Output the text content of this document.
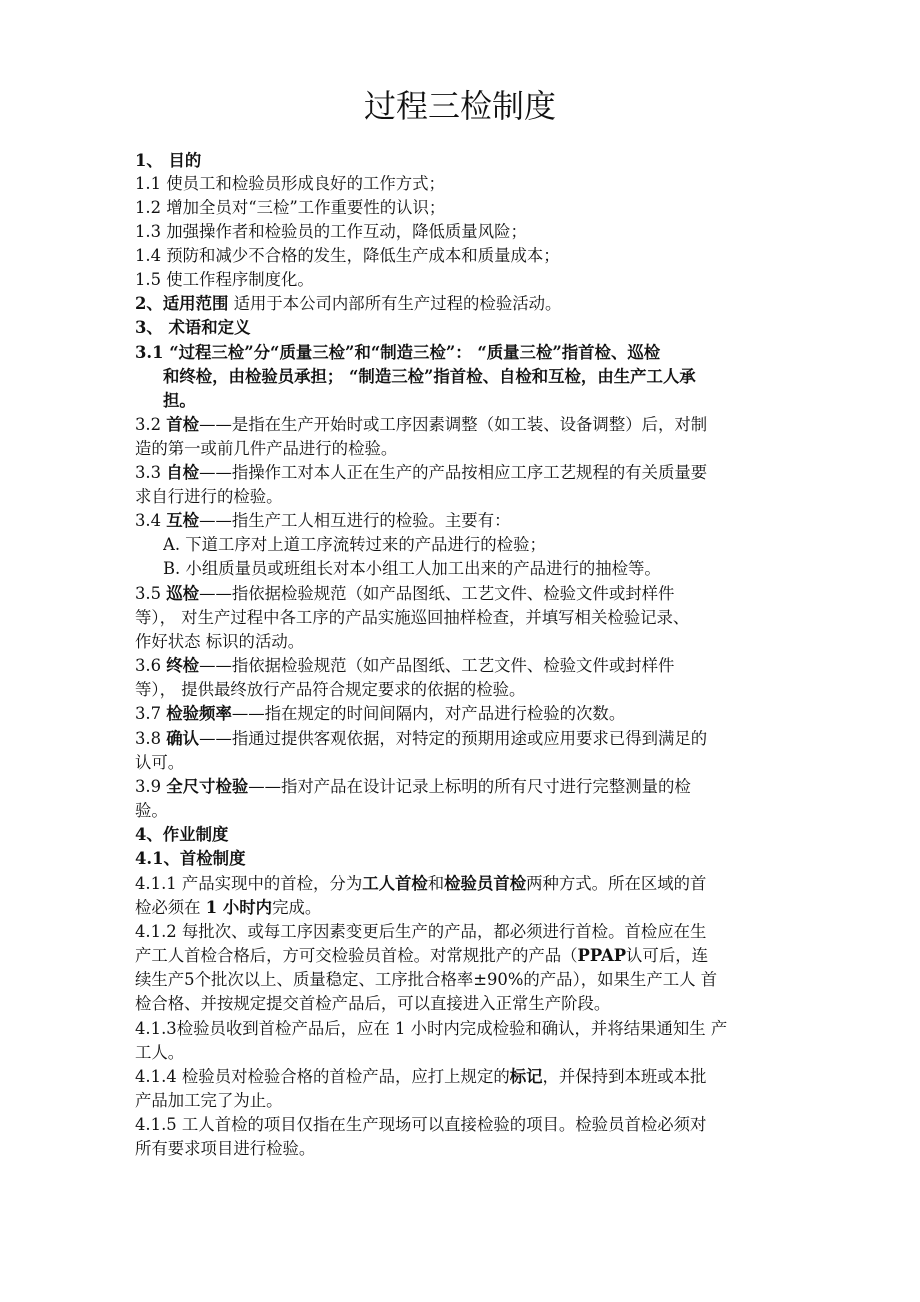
过程三检制度
1、 目的
1.1 使员工和检验员形成良好的工作方式；
1.2 增加全员对“三检”工作重要性的认识；
1.3 加强操作者和检验员的工作互动，降低质量风险；
1.4 预防和减少不合格的发生，降低生产成本和质量成本；
1.5 使工作程序制度化。
2、适用范围 适用于本公司内部所有生产过程的检验活动。
3、 术语和定义
3.1 “过程三检”分“质量三检”和“制造三检”： “质量三检”指首检、巡检
和终检，由检验员承担； “制造三检”指首检、自检和互检，由生产工人承
担。
3.2 首检——是指在生产开始时或工序因素调整（如工装、设备调整）后，对制
造的第一或前几件产品进行的检验。
3.3 自检——指操作工对本人正在生产的产品按相应工序工艺规程的有关质量要
求自行进行的检验。
3.4 互检——指生产工人相互进行的检验。主要有：
A. 下道工序对上道工序流转过来的产品进行的检验；
B. 小组质量员或班组长对本小组工人加工出来的产品进行的抽检等。
3.5 巡检——指依据检验规范（如产品图纸、工艺文件、检验文件或封样件
等）， 对生产过程中各工序的产品实施巡回抽样检查，并填写相关检验记录、
作好状态 标识的活动。
3.6 终检——指依据检验规范（如产品图纸、工艺文件、检验文件或封样件
等）， 提供最终放行产品符合规定要求的依据的检验。
3.7 检验频率——指在规定的时间间隔内，对产品进行检验的次数。
3.8 确认——指通过提供客观依据，对特定的预期用途或应用要求已得到满足的
认可。
3.9 全尺寸检验——指对产品在设计记录上标明的所有尺寸进行完整测量的检
验。
4、作业制度
4.1、首检制度
4.1.1 产品实现中的首检，分为工人首检和检验员首检两种方式。所在区域的首
检必须在 1 小时内完成。
4.1.2 每批次、或每工序因素变更后生产的产品，都必须进行首检。首检应在生
产工人首检合格后，方可交检验员首检。对常规批产的产品（PPAP认可后，连
续生产5个批次以上、质量稳定、工序批合格率±90%的产品），如果生产工人 首
检合格、并按规定提交首检产品后，可以直接进入正常生产阶段。
4.1.3检验员收到首检产品后，应在 1 小时内完成检验和确认，并将结果通知生 产
工人。
4.1.4 检验员对检验合格的首检产品，应打上规定的标记，并保持到本班或本批
产品加工完了为止。
4.1.5 工人首检的项目仅指在生产现场可以直接检验的项目。检验员首检必须对
所有要求项目进行检验。
